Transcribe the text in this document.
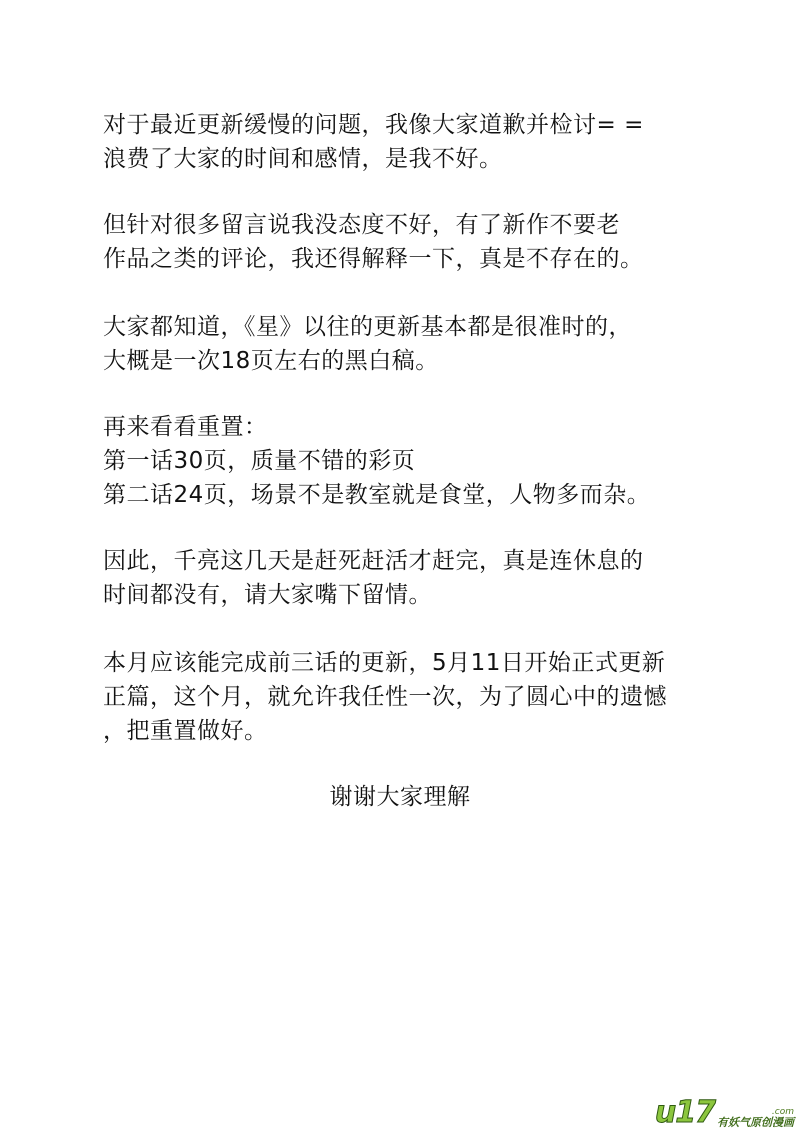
对于最近更新缓慢的问题，我像大家道歉并检讨= =
浪费了大家的时间和感情，是我不好。
但针对很多留言说我没态度不好，有了新作不要老
作品之类的评论，我还得解释一下，真是不存在的。
大家都知道，《星》以往的更新基本都是很准时的，
大概是一次18页左右的黑白稿。
再来看看重置：
第一话30页，质量不错的彩页
第二话24页，场景不是教室就是食堂，人物多而杂。
因此，千亮这几天是赶死赶活才赶完，真是连休息的
时间都没有，请大家嘴下留情。
本月应该能完成前三话的更新，5月11日开始正式更新
正篇，这个月，就允许我任性一次，为了圆心中的遗憾
，把重置做好。
谢谢大家理解
u17	.com
有妖气原创漫画
